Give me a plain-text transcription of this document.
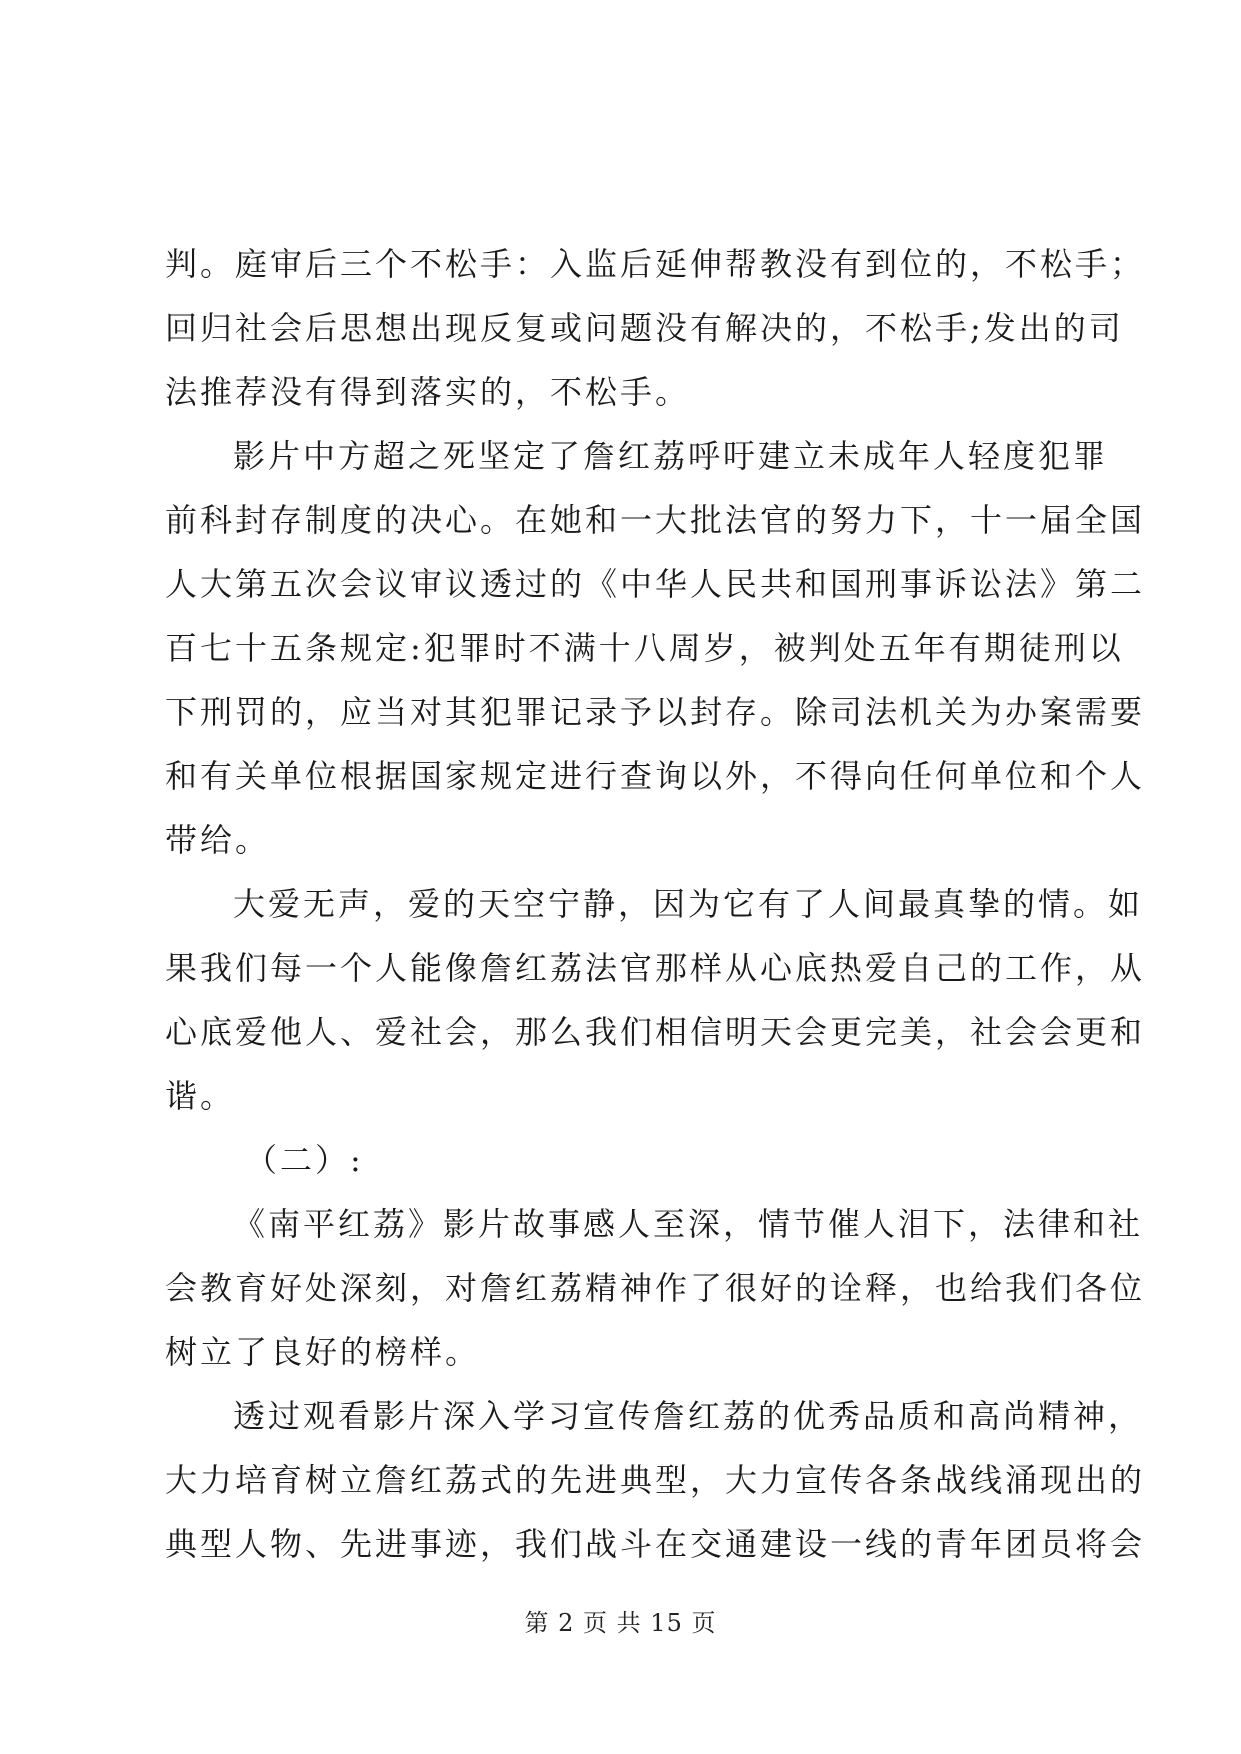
判。庭审后三个不松手：入监后延伸帮教没有到位的，不松手；
回归社会后思想出现反复或问题没有解决的，不松手;发出的司
法推荐没有得到落实的，不松手。
影片中方超之死坚定了詹红荔呼吁建立未成年人轻度犯罪
前科封存制度的决心。在她和一大批法官的努力下，十一届全国
人大第五次会议审议透过的《中华人民共和国刑事诉讼法》第二
百七十五条规定:犯罪时不满十八周岁，被判处五年有期徒刑以
下刑罚的，应当对其犯罪记录予以封存。除司法机关为办案需要
和有关单位根据国家规定进行查询以外，不得向任何单位和个人
带给。
大爱无声，爱的天空宁静，因为它有了人间最真挚的情。如
果我们每一个人能像詹红荔法官那样从心底热爱自己的工作，从
心底爱他人、爱社会，那么我们相信明天会更完美，社会会更和
谐。
（二）:
《南平红荔》影片故事感人至深，情节催人泪下，法律和社
会教育好处深刻，对詹红荔精神作了很好的诠释，也给我们各位
树立了良好的榜样。
透过观看影片深入学习宣传詹红荔的优秀品质和高尚精神，
大力培育树立詹红荔式的先进典型，大力宣传各条战线涌现出的
典型人物、先进事迹，我们战斗在交通建设一线的青年团员将会
第 2 页 共 15 页
